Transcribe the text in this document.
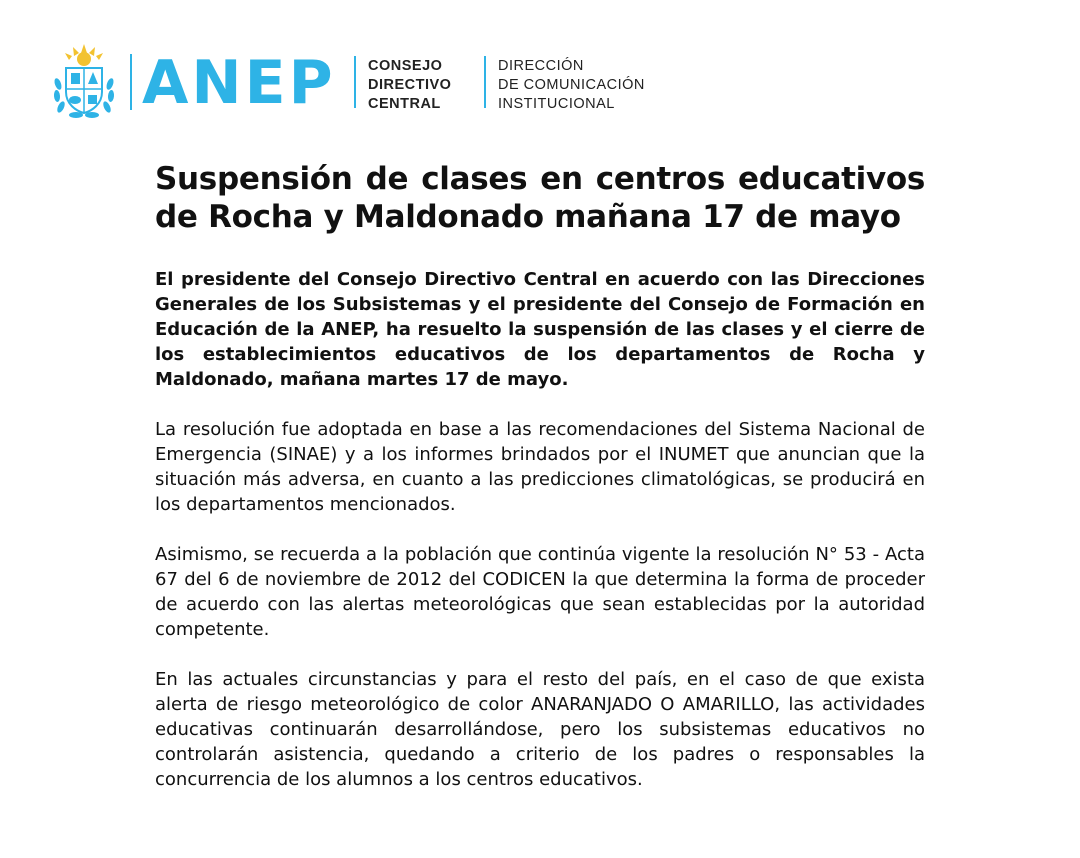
ANEP CONSEJO
DIRECTIVO
CENTRAL
DIRECCIÓN
DE COMUNICACIÓN
INSTITUCIONAL
Suspensión de clases en centros educativos de Rocha y Maldonado mañana 17 de mayo

El presidente del Consejo Directivo Central en acuerdo con las Direcciones Generales de los Subsistemas y el presidente del Consejo de Formación en Educación de la ANEP, ha resuelto la suspensión de las clases y el cierre de los establecimientos educativos de los departamentos de Rocha y Maldonado, mañana martes 17 de mayo.

La resolución fue adoptada en base a las recomendaciones del Sistema Nacional de Emergencia (SINAE) y a los informes brindados por el INUMET que anuncian que la situación más adversa, en cuanto a las predicciones climatológicas, se producirá en los departamentos mencionados.

Asimismo, se recuerda a la población que continúa vigente la resolución N° 53 - Acta 67 del 6 de noviembre de 2012 del CODICEN la que determina la forma de proceder de acuerdo con las alertas meteorológicas que sean establecidas por la autoridad competente.

En las actuales circunstancias y para el resto del país, en el caso de que exista alerta de riesgo meteorológico de color ANARANJADO O AMARILLO, las actividades educativas continuarán desarrollándose, pero los subsistemas educativos no controlarán asistencia, quedando a criterio de los padres o responsables la concurrencia de los alumnos a los centros educativos.
